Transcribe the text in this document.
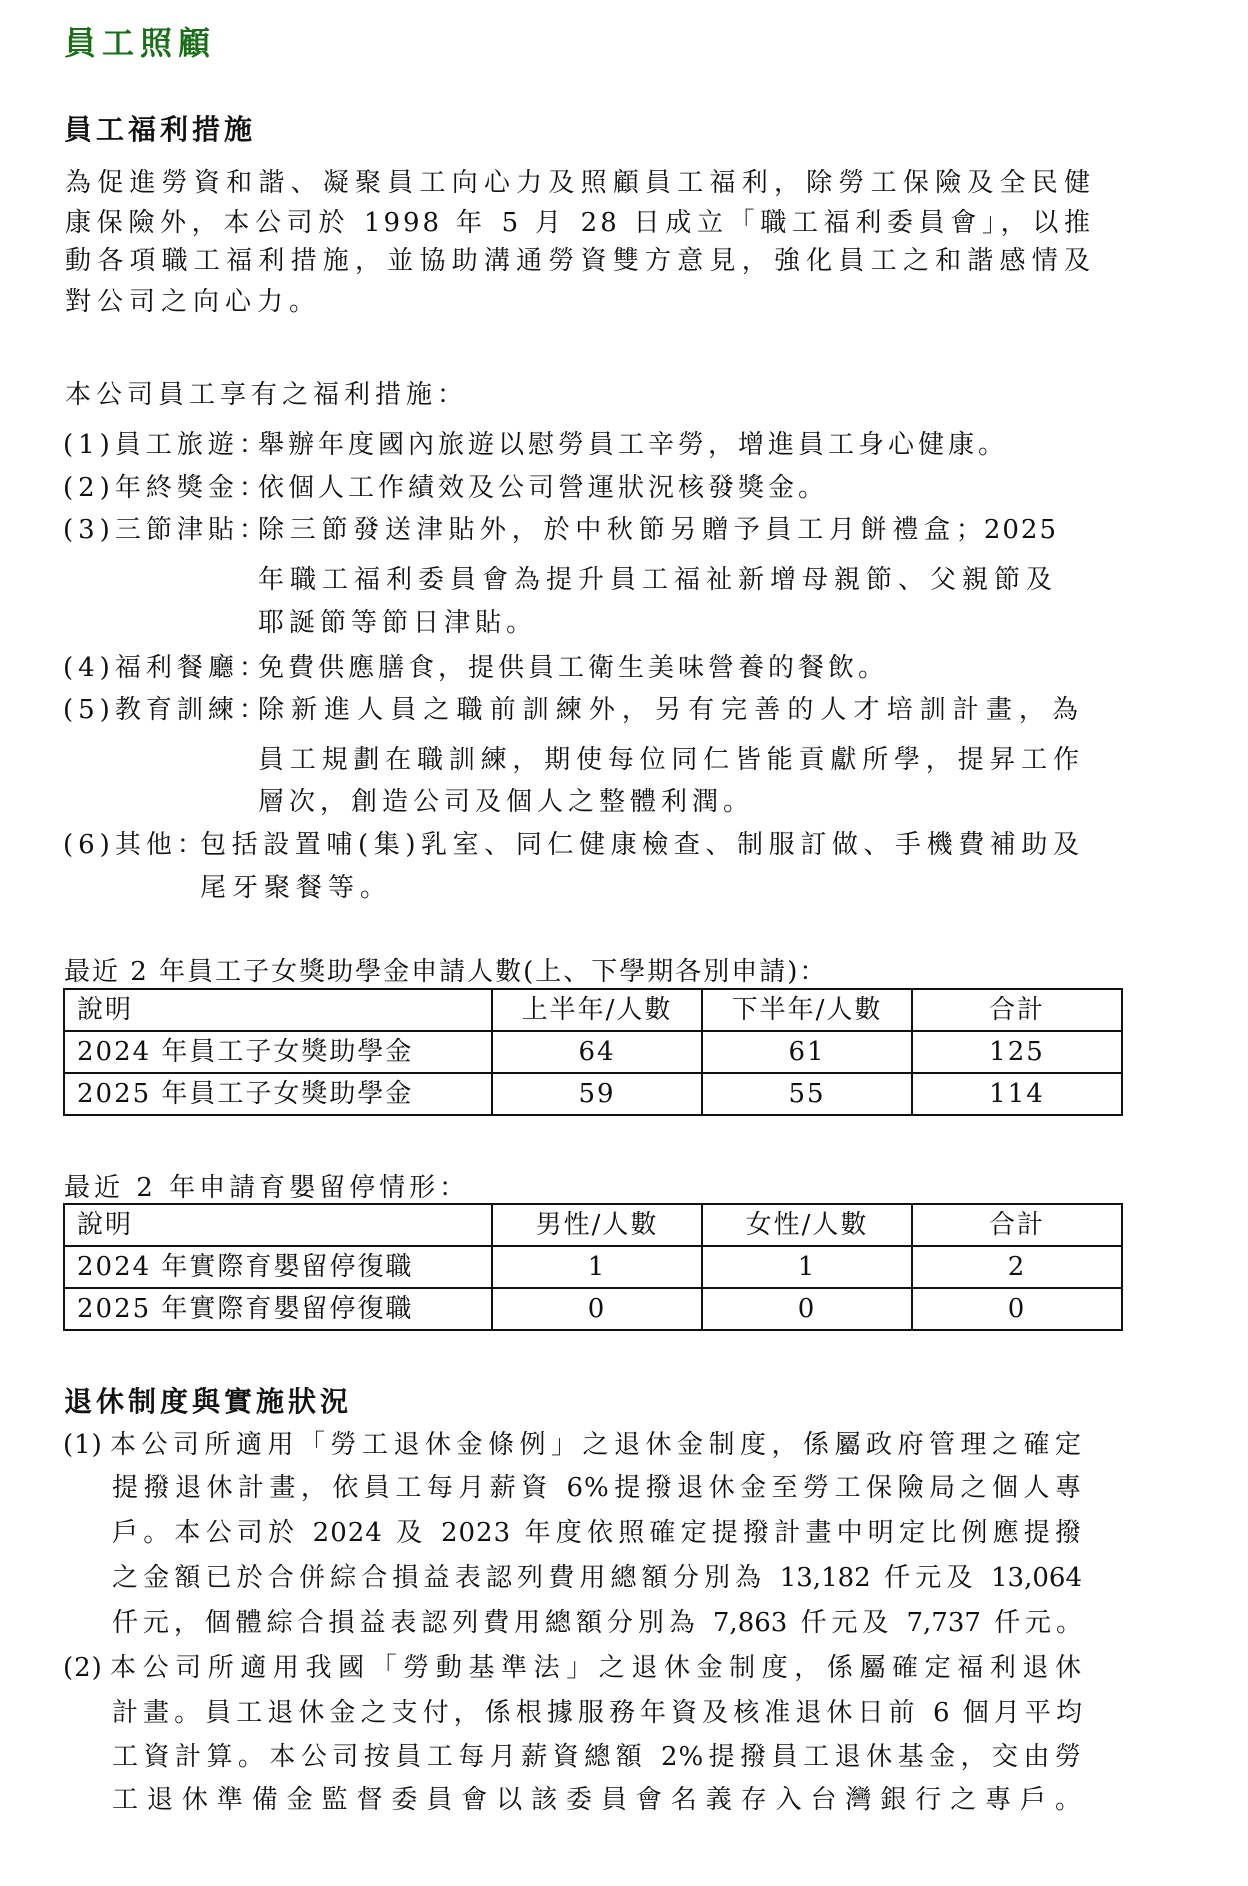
員工照顧
員工福利措施
為促進勞資和諧、凝聚員工向心力及照顧員工福利，除勞工保險及全民健
康保險外，本公司於 1998 年 5 月 28 日成立「職工福利委員會」，以推
動各項職工福利措施，並協助溝通勞資雙方意見，強化員工之和諧感情及
對公司之向心力。
本公司員工享有之福利措施：
(1)員工旅遊：
舉辦年度國內旅遊以慰勞員工辛勞，增進員工身心健康。
(2)年終獎金：
依個人工作績效及公司營運狀況核發獎金。
(3)三節津貼：
除三節發送津貼外，於中秋節另贈予員工月餅禮盒；2025
年職工福利委員會為提升員工福祉新增母親節、父親節及
耶誕節等節日津貼。
(4)福利餐廳：
免費供應膳食，提供員工衛生美味營養的餐飲。
(5)教育訓練：
除新進人員之職前訓練外，另有完善的人才培訓計畫，為
員工規劃在職訓練，期使每位同仁皆能貢獻所學，提昇工作
層次，創造公司及個人之整體利潤。
(6)其他：
包括設置哺(集)乳室、同仁健康檢查、制服訂做、手機費補助及
尾牙聚餐等。
最近 2 年員工子女獎助學金申請人數(上、下學期各別申請)：
說明	上半年/人數	下半年/人數	合計
2024 年員工子女獎助學金	64	61	125
2025 年員工子女獎助學金	59	55	114
最近 2 年申請育嬰留停情形：
說明	男性/人數	女性/人數	合計
2024 年實際育嬰留停復職	1	1	2
2025 年實際育嬰留停復職	0	0	0
退休制度與實施狀況
(1) 本公司所適用「勞工退休金條例」之退休金制度，係屬政府管理之確定
提撥退休計畫，依員工每月薪資 6%提撥退休金至勞工保險局之個人專
戶。本公司於 2024 及 2023 年度依照確定提撥計畫中明定比例應提撥
之金額已於合併綜合損益表認列費用總額分別為 13,182 仟元及 13,064
仟元，個體綜合損益表認列費用總額分別為 7,863 仟元及 7,737 仟元。
(2) 本公司所適用我國「勞動基準法」之退休金制度，係屬確定福利退休
計畫。員工退休金之支付，係根據服務年資及核准退休日前 6 個月平均
工資計算。本公司按員工每月薪資總額 2%提撥員工退休基金，交由勞
工退休準備金監督委員會以該委員會名義存入台灣銀行之專戶。
